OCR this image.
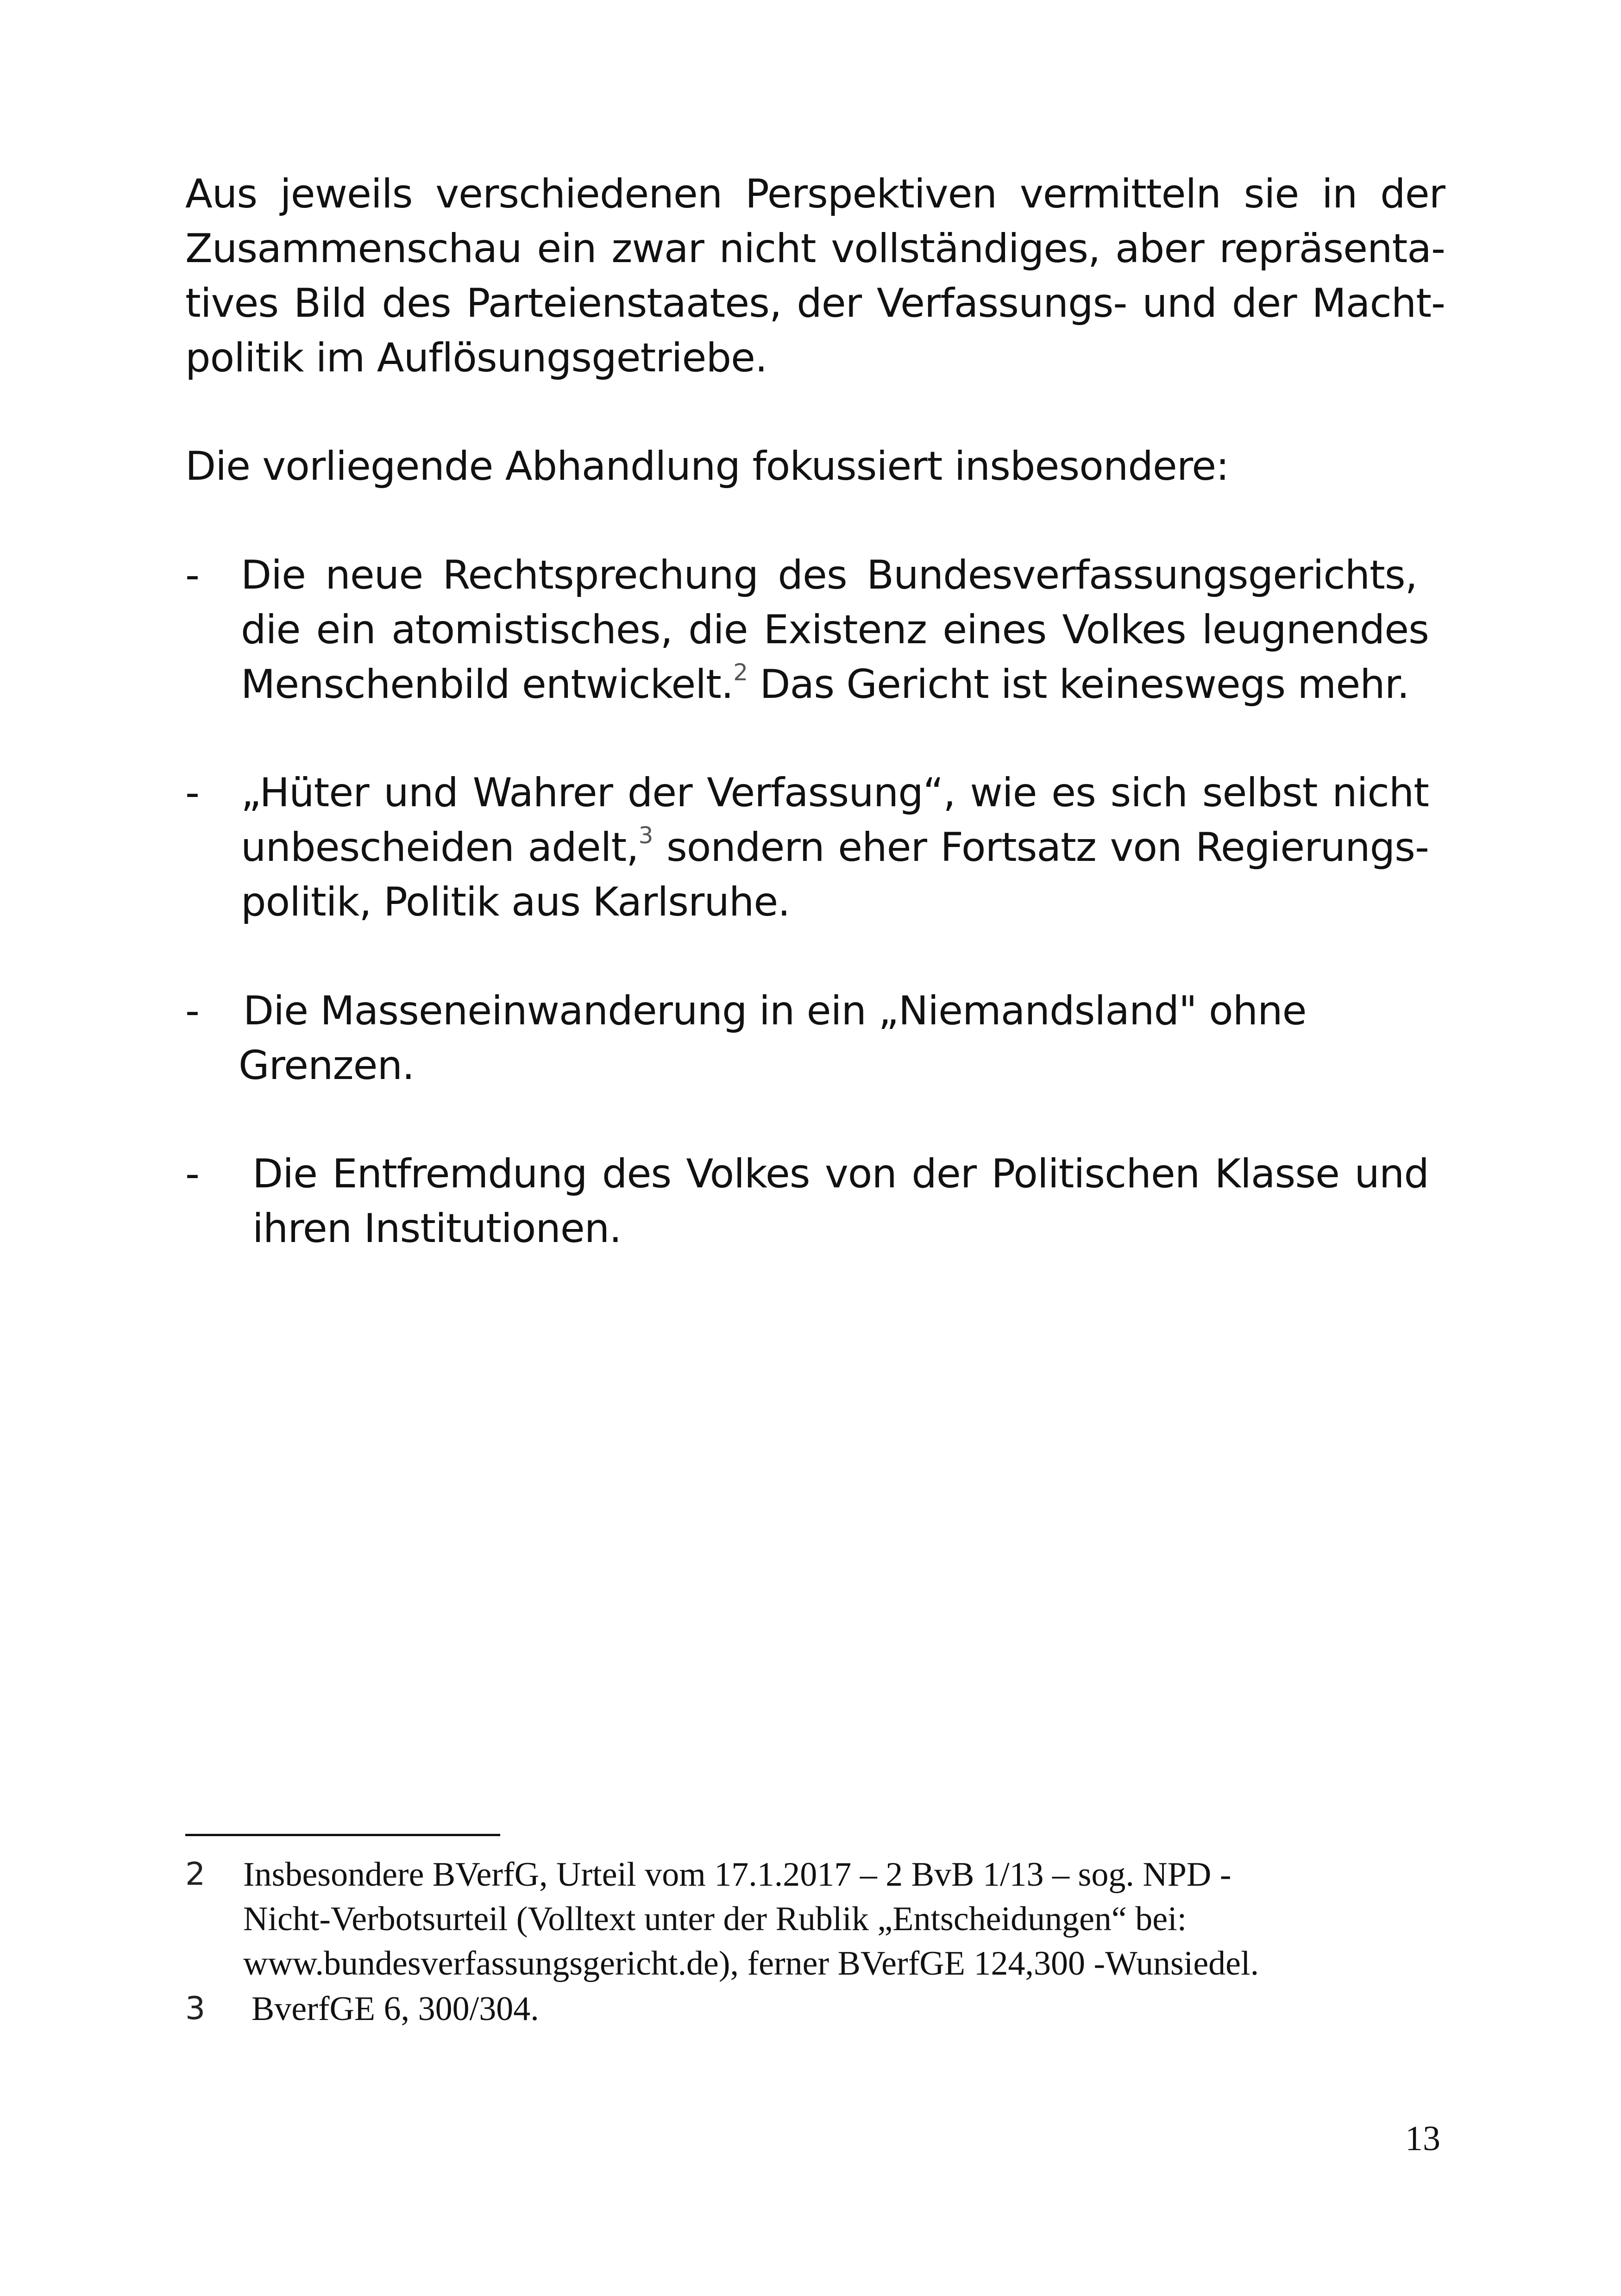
Aus jeweils verschiedenen Perspektiven vermitteln sie in der
Zusammenschau ein zwar nicht vollständiges, aber repräsenta-
tives Bild des Parteienstaates, der Verfassungs- und der Macht-
politik im Auflösungsgetriebe.
Die vorliegende Abhandlung fokussiert insbesondere:
- Die neue Rechtsprechung des Bundesverfassungsgerichts,
die ein atomistisches, die Existenz eines Volkes leugnendes
Menschenbild entwickelt.$^2$ Das Gericht ist keineswegs mehr.
- „Hüter und Wahrer der Verfassung“, wie es sich selbst nicht
unbescheiden adelt,$^3$ sondern eher Fortsatz von Regierungs-
politik, Politik aus Karlsruhe.
- Die Masseneinwanderung in ein „Niemandsland" ohne
Grenzen.
- Die Entfremdung des Volkes von der Politischen Klasse und
ihren Institutionen.
2 Insbesondere BVerfG, Urteil vom 17.1.2017 – 2 BvB 1/13 – sog. NPD -
Nicht-Verbotsurteil (Volltext unter der Rublik „Entscheidungen“ bei:
www.bundesverfassungsgericht.de), ferner BVerfGE 124,300 -Wunsiedel.
3 BverfGE 6, 300/304.
13
